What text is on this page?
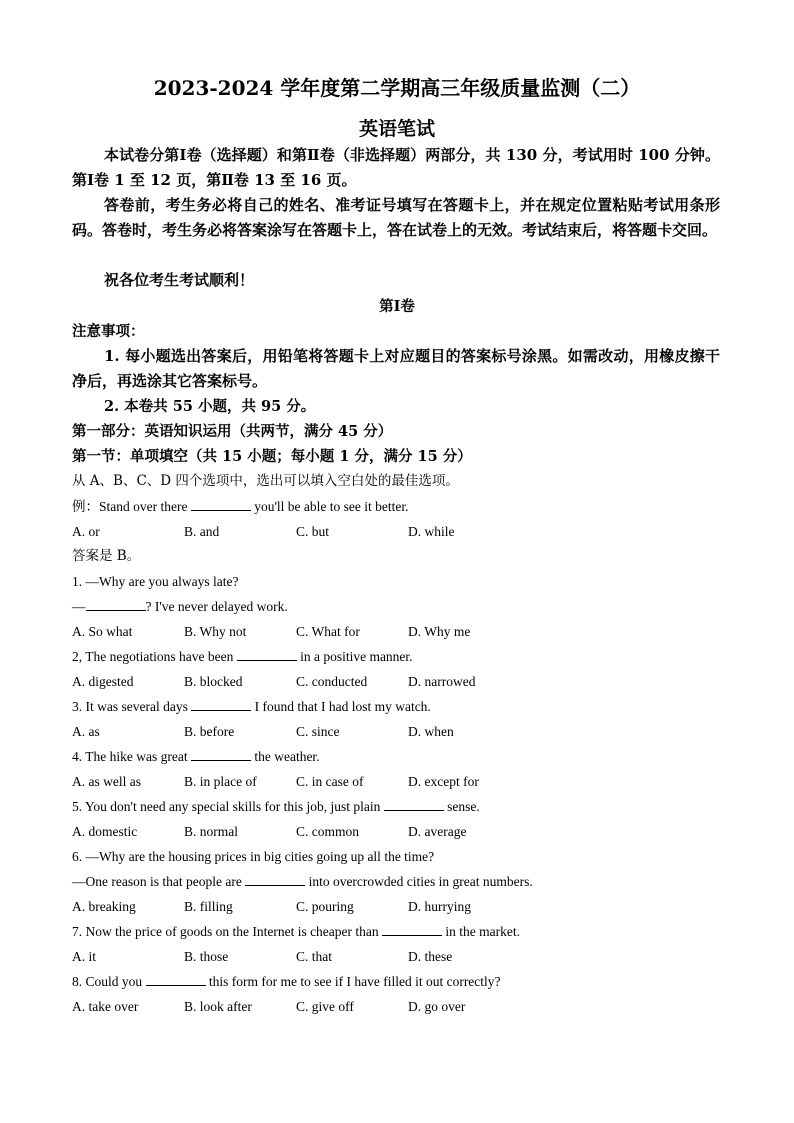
2023-2024 学年度第二学期高三年级质量监测（二）
英语笔试
本试卷分第Ⅰ卷（选择题）和第Ⅱ卷（非选择题）两部分，共 130 分，考试用时 100 分钟。第Ⅰ卷 1 至 12 页，第Ⅱ卷 13 至 16 页。
答卷前，考生务必将自己的姓名、准考证号填写在答题卡上，并在规定位置粘贴考试用条形码。答卷时，考生务必将答案涂写在答题卡上，答在试卷上的无效。考试结束后，将答题卡交回。
祝各位考生考试顺利！
第Ⅰ卷
注意事项：
1. 每小题选出答案后，用铅笔将答题卡上对应题目的答案标号涂黑。如需改动，用橡皮擦干净后，再选涂其它答案标号。
2. 本卷共 55 小题，共 95 分。
第一部分：英语知识运用（共两节，满分 45 分）
第一节：单项填空（共 15 小题；每小题 1 分，满分 15 分）
从 A、B、C、D 四个选项中，选出可以填入空白处的最佳选项。
例：Stand over there	you'll be able to see it better.
A. or	B. and	C. but	D. while
答案是 B。
1. —Why are you always late?
—	? I've never delayed work.
A. So what	B. Why not	C. What for	D. Why me
2, The negotiations have been	in a positive manner.
A. digested	B. blocked	C. conducted	D. narrowed
3. It was several days	I found that I had lost my watch.
A. as	B. before	C. since	D. when
4. The hike was great	the weather.
A. as well as	B. in place of	C. in case of	D. except for
5. You don't need any special skills for this job, just plain	sense.
A. domestic	B. normal	C. common	D. average
6. —Why are the housing prices in big cities going up all the time?
—One reason is that people are	into overcrowded cities in great numbers.
A. breaking	B. filling	C. pouring	D. hurrying
7. Now the price of goods on the Internet is cheaper than	in the market.
A. it	B. those	C. that	D. these
8. Could you	this form for me to see if I have filled it out correctly?
A. take over	B. look after	C. give off	D. go over
